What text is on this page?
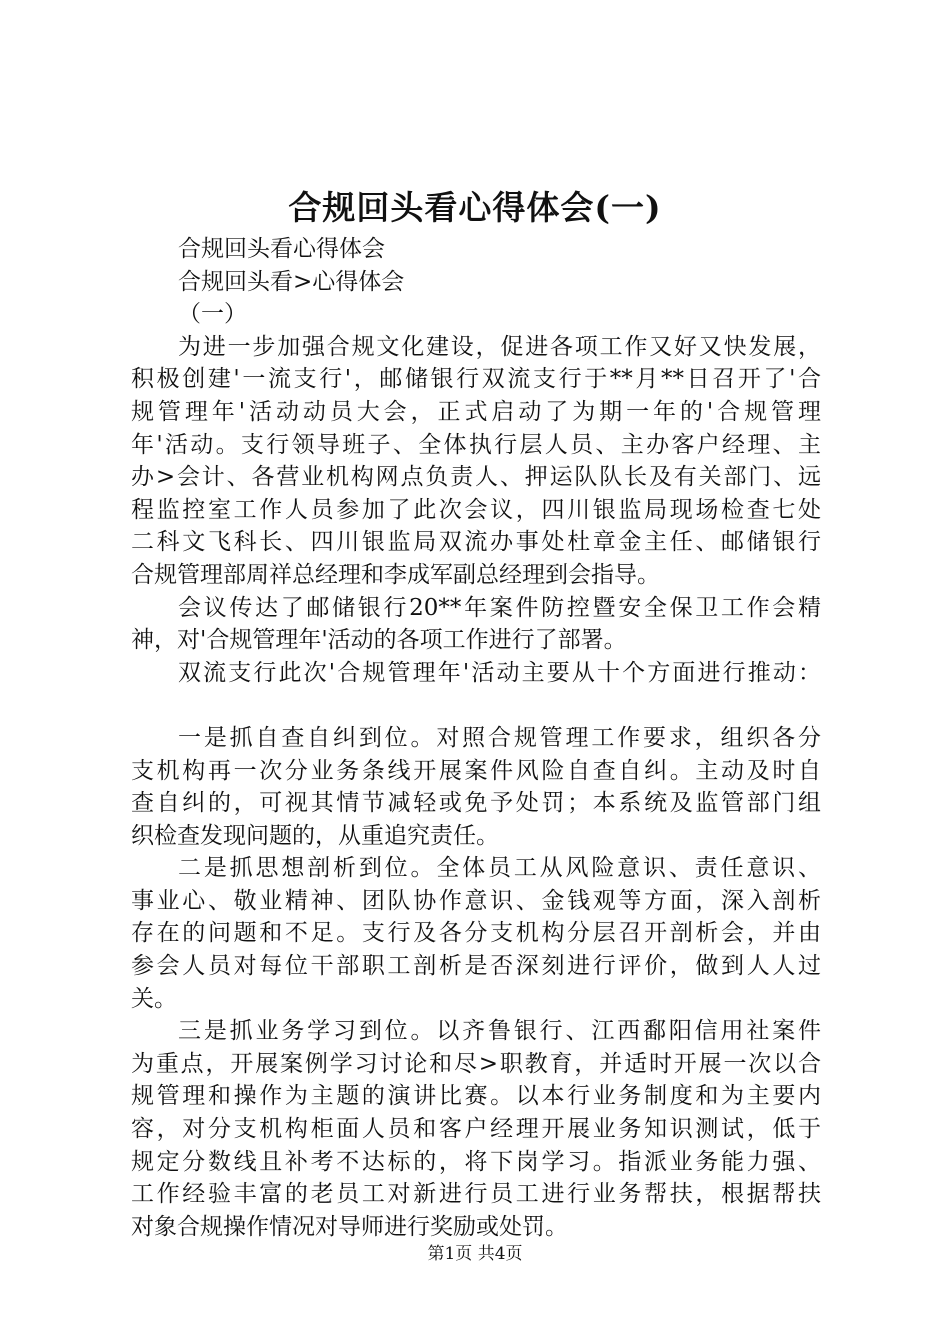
合规回头看心得体会(一)
合规回头看心得体会
合规回头看>心得体会
（一）
为进一步加强合规文化建设，促进各项工作又好又快发展，
积极创建'一流支行'，邮储银行双流支行于**月**日召开了'合
规管理年'活动动员大会，正式启动了为期一年的'合规管理
年'活动。支行领导班子、全体执行层人员、主办客户经理、主
办>会计、各营业机构网点负责人、押运队队长及有关部门、远
程监控室工作人员参加了此次会议，四川银监局现场检查七处
二科文飞科长、四川银监局双流办事处杜章金主任、邮储银行
合规管理部周祥总经理和李成军副总经理到会指导。
会议传达了邮储银行20**年案件防控暨安全保卫工作会精
神，对'合规管理年'活动的各项工作进行了部署。
双流支行此次'合规管理年'活动主要从十个方面进行推动：
一是抓自查自纠到位。对照合规管理工作要求，组织各分
支机构再一次分业务条线开展案件风险自查自纠。主动及时自
查自纠的，可视其情节减轻或免予处罚；本系统及监管部门组
织检查发现问题的，从重追究责任。
二是抓思想剖析到位。全体员工从风险意识、责任意识、
事业心、敬业精神、团队协作意识、金钱观等方面，深入剖析
存在的问题和不足。支行及各分支机构分层召开剖析会，并由
参会人员对每位干部职工剖析是否深刻进行评价，做到人人过
关。
三是抓业务学习到位。以齐鲁银行、江西鄱阳信用社案件
为重点，开展案例学习讨论和尽>职教育，并适时开展一次以合
规管理和操作为主题的演讲比赛。以本行业务制度和为主要内
容，对分支机构柜面人员和客户经理开展业务知识测试，低于
规定分数线且补考不达标的，将下岗学习。指派业务能力强、
工作经验丰富的老员工对新进行员工进行业务帮扶，根据帮扶
对象合规操作情况对导师进行奖励或处罚。
第1页 共4页
